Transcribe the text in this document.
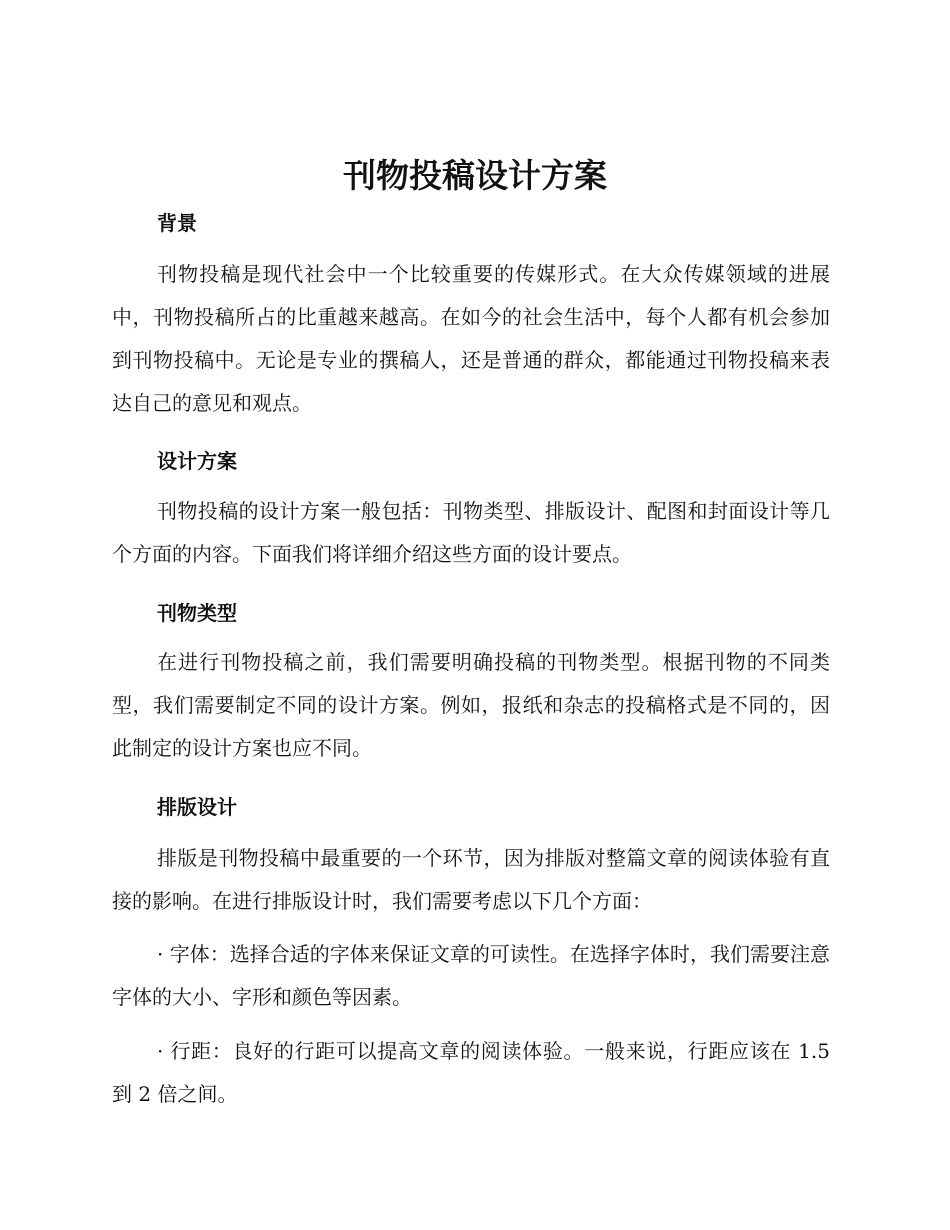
刊物投稿设计方案
背景

刊物投稿是现代社会中一个比较重要的传媒形式。在大众传媒领域的进展中，刊物投稿所占的比重越来越高。在如今的社会生活中，每个人都有机会参加到刊物投稿中。无论是专业的撰稿人，还是普通的群众，都能通过刊物投稿来表达自己的意见和观点。

设计方案

刊物投稿的设计方案一般包括：刊物类型、排版设计、配图和封面设计等几个方面的内容。下面我们将详细介绍这些方面的设计要点。

刊物类型

在进行刊物投稿之前，我们需要明确投稿的刊物类型。根据刊物的不同类型，我们需要制定不同的设计方案。例如，报纸和杂志的投稿格式是不同的，因此制定的设计方案也应不同。

排版设计

排版是刊物投稿中最重要的一个环节，因为排版对整篇文章的阅读体验有直接的影响。在进行排版设计时，我们需要考虑以下几个方面：

· 字体：选择合适的字体来保证文章的可读性。在选择字体时，我们需要注意字体的大小、字形和颜色等因素。

· 行距：良好的行距可以提高文章的阅读体验。一般来说，行距应该在 1.5 到 2 倍之间。
